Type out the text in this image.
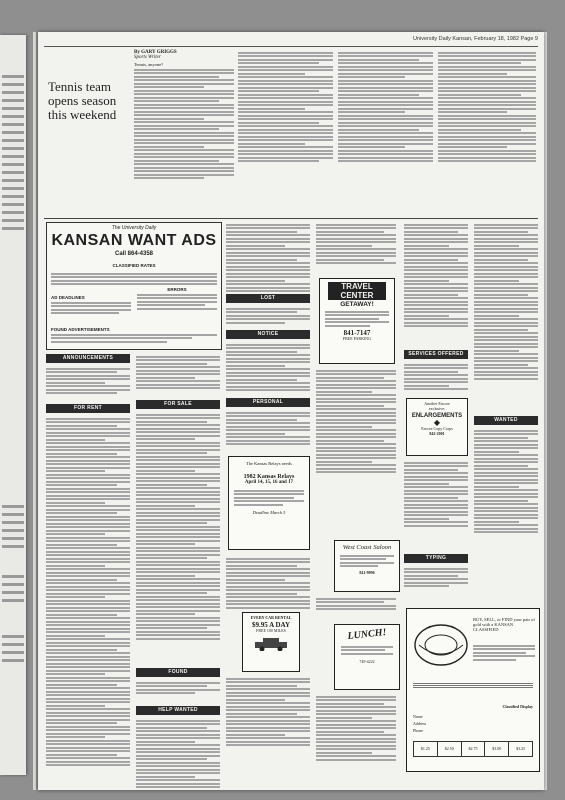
University Daily Kansan, February 18, 1982 Page 9
Tennis team opens season this weekend
By GARY GRIGGS
Sports Writer
Tennis, anyone?
The University Daily
KANSAN WANT ADS
Call 864-4358
CLASSIFIED RATES
AD DEADLINES
ERRORS
FOUND ADVERTISEMENTS
ANNOUNCEMENTS
FOR RENT
FOR SALE
FOUND
HELP WANTED
LOST
NOTICE
PERSONAL
The Kansas Relays needs
1982 Kansas Relays
April 14, 15, 16 and 17
Deadline March 5
EVERY CAR RENTAL
$9.95 A DAY
FREE 100 MILES
TRAVEL
CENTER
GETAWAY!
841-7147
FREE PARKING
West Coast Saloon
841-9996
LUNCH!
749-4222
SERVICES OFFERED
Another Encore
exclusive:
ENLARGEMENTS
◆
Encore Copy Corps
842-2001
TYPING
WANTED
BUY, SELL, or FIND your pair of gold with a KANSAN CLASSIFIED
Classified Display
Name
Address
Phone
$1.25	$2.50	$2.75	$3.00	$3.25
